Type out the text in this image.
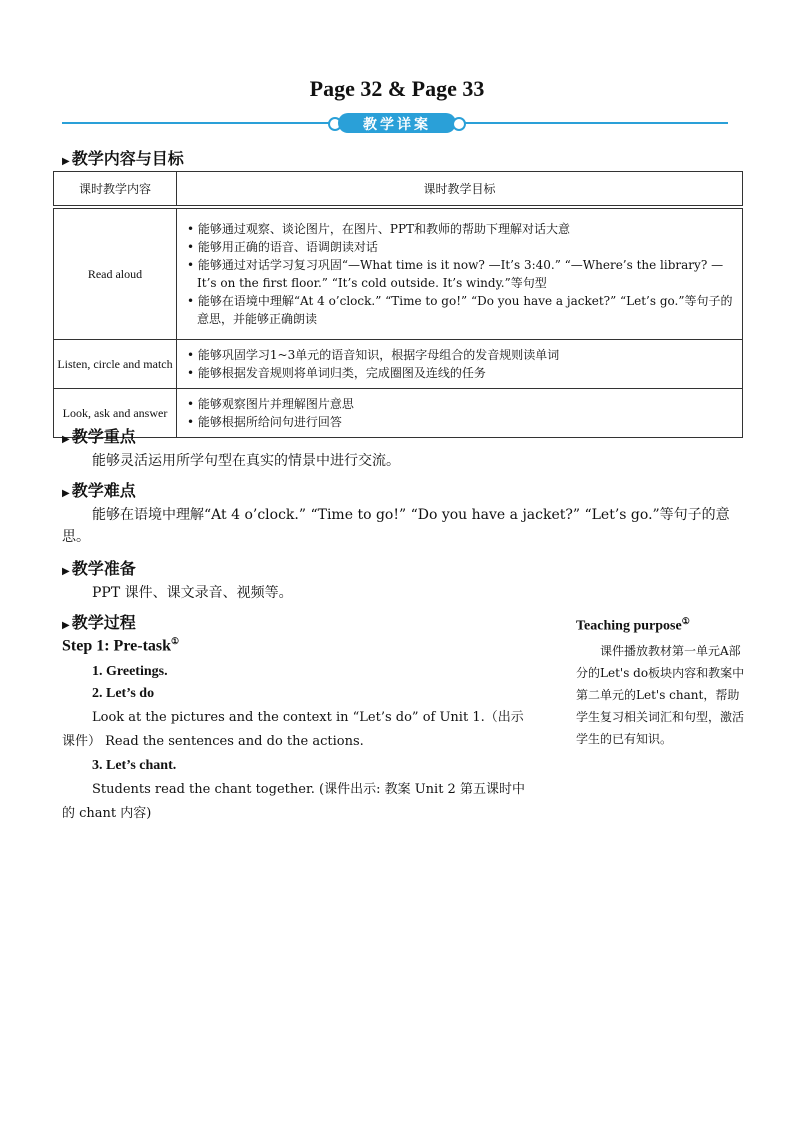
Page 32 & Page 33
教学详案
▶ 教学内容与目标
课时教学内容	课时教学目标
Read aloud	• 能够通过观察、谈论图片，在图片、PPT和教师的帮助下理解对话大意
• 能够用正确的语音、语调朗读对话
• 能够通过对话学习复习巩固“—What time is it now? —It’s 3:40.” “—Where’s the library? —It’s on the first floor.” “It’s cold outside. It’s windy.”等句型
• 能够在语境中理解“At 4 o’clock.” “Time to go!” “Do you have a jacket?” “Let’s go.”等句子的意思，并能够正确朗读

Listen, circle and match	• 能够巩固学习1~3单元的语音知识，根据字母组合的发音规则读单词
• 能够根据发音规则将单词归类，完成圈图及连线的任务

Look, ask and answer	• 能够观察图片并理解图片意思
• 能够根据所给问句进行回答
▶ 教学重点
能够灵活运用所学句型在真实的情景中进行交流。
▶ 教学难点
能够在语境中理解“At 4 o’clock.” “Time to go!” “Do you have a jacket?” “Let’s go.”等句子的意思。
▶ 教学准备
PPT 课件、课文录音、视频等。
▶ 教学过程
Step 1: Pre-task①
1. Greetings.
2. Let’s do
Look at the pictures and the context in “Let’s do” of Unit 1.（出示课件） Read the sentences and do the actions.
3. Let’s chant.
Students read the chant together. (课件出示: 教案 Unit 2 第五课时中的 chant 内容)
Teaching purpose①
课件播放教材第一单元A部分的Let's do板块内容和教案中第二单元的Let's chant，帮助学生复习相关词汇和句型，激活学生的已有知识。
